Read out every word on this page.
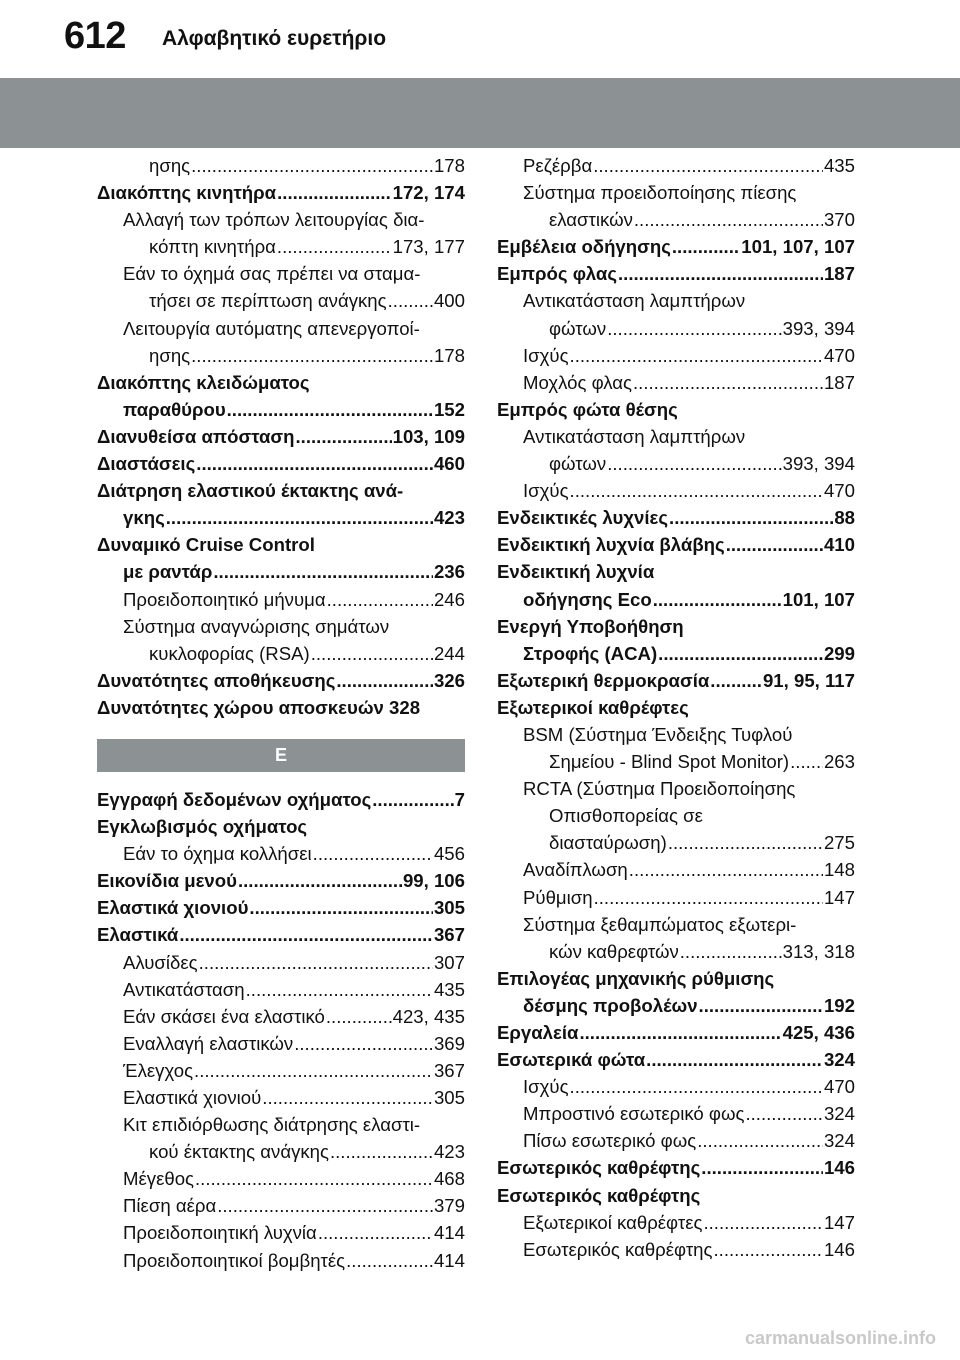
612 Αλφαβητικό ευρετήριο
ησης .....	178
Διακόπτης κινητήρα .....	172, 174
Αλλαγή των τρόπων λειτουργίας δια-
κόπτη κινητήρα .....	173, 177
Εάν το όχημά σας πρέπει να σταμα-
τήσει σε περίπτωση ανάγκης .....	400
Λειτουργία αυτόματης απενεργοποί-
ησης .....	178
Διακόπτης κλειδώματος
παραθύρου .....	152
Διανυθείσα απόσταση .....	103, 109
Διαστάσεις .....	460
Διάτρηση ελαστικού έκτακτης ανά-
γκης .....	423
Δυναμικό Cruise Control
με ραντάρ .....	236
Προειδοποιητικό μήνυμα .....	246
Σύστημα αναγνώρισης σημάτων
κυκλοφορίας (RSA) .....	244
Δυνατότητες αποθήκευσης .....	326
Δυνατότητες χώρου αποσκευών 328
Ε
Εγγραφή δεδομένων οχήματος .....	7
Εγκλωβισμός οχήματος
Εάν το όχημα κολλήσει .....	456
Εικονίδια μενού .....	99, 106
Ελαστικά χιονιού .....	305
Ελαστικά .....	367
Αλυσίδες .....	307
Αντικατάσταση .....	435
Εάν σκάσει ένα ελαστικό .....	423, 435
Εναλλαγή ελαστικών .....	369
Έλεγχος .....	367
Ελαστικά χιονιού .....	305
Κιτ επιδιόρθωσης διάτρησης ελαστι-
κού έκτακτης ανάγκης .....	423
Μέγεθος .....	468
Πίεση αέρα .....	379
Προειδοποιητική λυχνία .....	414
Προειδοποιητικοί βομβητές .....	414
Ρεζέρβα .....	435
Σύστημα προειδοποίησης πίεσης
ελαστικών .....	370
Εμβέλεια οδήγησης .....	101, 107, 107
Εμπρός φλας .....	187
Αντικατάσταση λαμπτήρων
φώτων .....	393, 394
Ισχύς .....	470
Μοχλός φλας .....	187
Εμπρός φώτα θέσης
Αντικατάσταση λαμπτήρων
φώτων .....	393, 394
Ισχύς .....	470
Ενδεικτικές λυχνίες .....	88
Ενδεικτική λυχνία βλάβης .....	410
Ενδεικτική λυχνία
οδήγησης Eco .....	101, 107
Ενεργή Υποβοήθηση
Στροφής (ACA) .....	299
Εξωτερική θερμοκρασία .....	91, 95, 117
Εξωτερικοί καθρέφτες
BSM (Σύστημα Ένδειξης Τυφλού
Σημείου - Blind Spot Monitor) ..... 263
RCTA (Σύστημα Προειδοποίησης
Οπισθοπορείας σε
διασταύρωση) .....	275
Αναδίπλωση .....	148
Ρύθμιση .....	147
Σύστημα ξεθαμπώματος εξωτερι-
κών καθρεφτών .....	313, 318
Επιλογέας μηχανικής ρύθμισης
δέσμης προβολέων .....	192
Εργαλεία .....	425, 436
Εσωτερικά φώτα .....	324
Ισχύς .....	470
Μπροστινό εσωτερικό φως .....	324
Πίσω εσωτερικό φως .....	324
Εσωτερικός καθρέφτης .....	146
Εσωτερικός καθρέφτης
Εξωτερικοί καθρέφτες .....	147
Εσωτερικός καθρέφτης .....	146
carmanualsonline.info
